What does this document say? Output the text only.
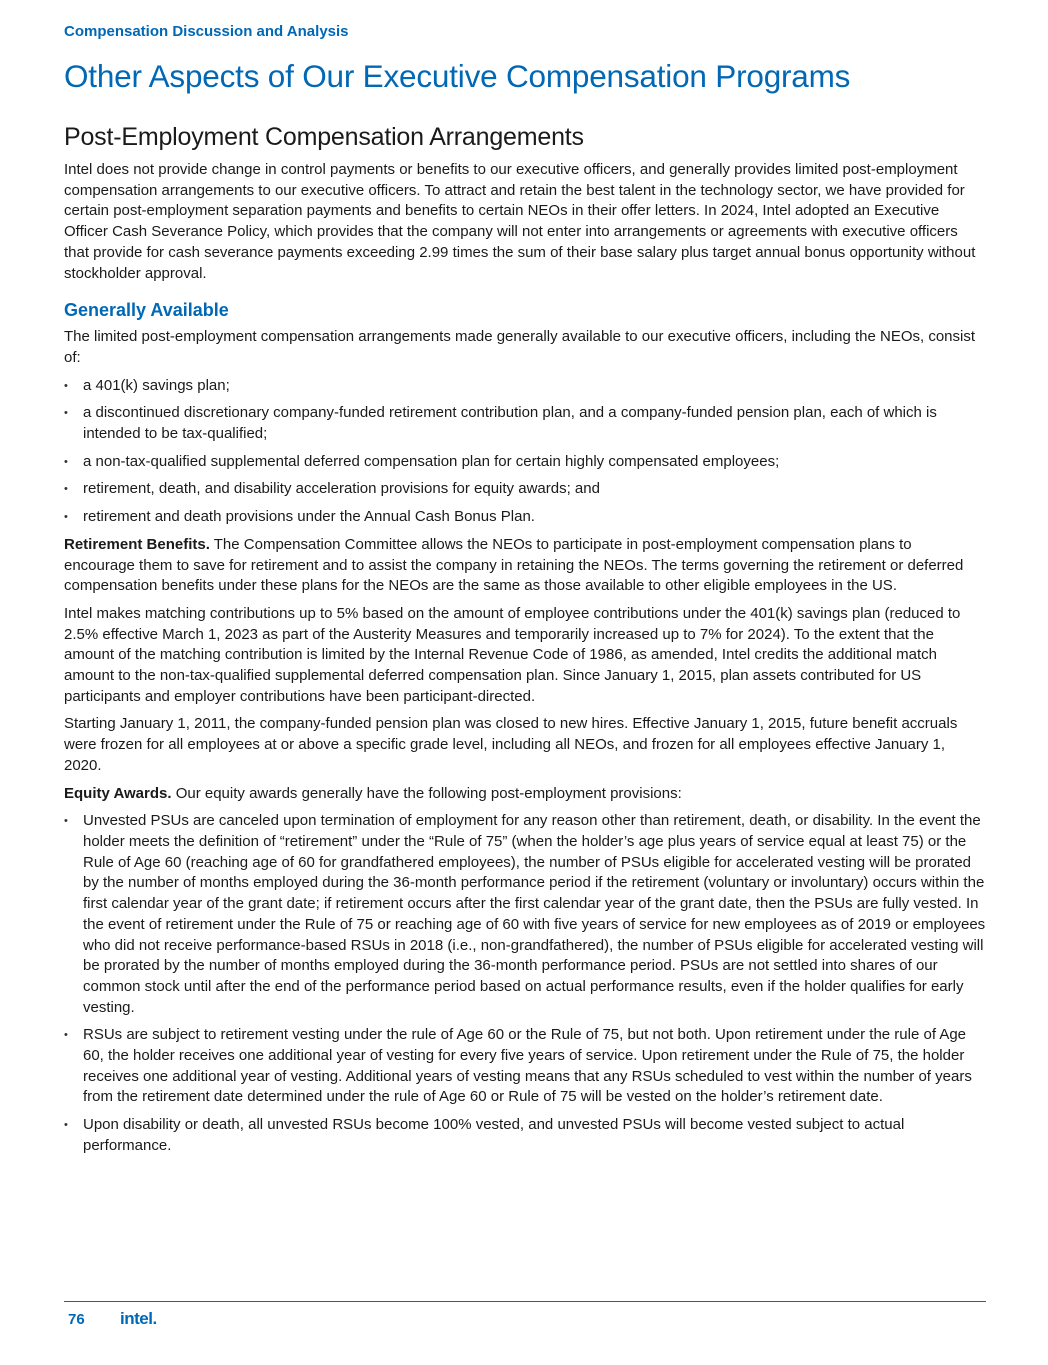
Compensation Discussion and Analysis
Other Aspects of Our Executive Compensation Programs
Post-Employment Compensation Arrangements

Intel does not provide change in control payments or benefits to our executive officers, and generally provides limited post-employment compensation arrangements to our executive officers. To attract and retain the best talent in the technology sector, we have provided for certain post-employment separation payments and benefits to certain NEOs in their offer letters. In 2024, Intel adopted an Executive Officer Cash Severance Policy, which provides that the company will not enter into arrangements or agreements with executive officers that provide for cash severance payments exceeding 2.99 times the sum of their base salary plus target annual bonus opportunity without stockholder approval.

Generally Available

The limited post-employment compensation arrangements made generally available to our executive officers, including the NEOs, consist of:

• a 401(k) savings plan;
• a discontinued discretionary company-funded retirement contribution plan, and a company-funded pension plan, each of which is intended to be tax-qualified;
• a non-tax-qualified supplemental deferred compensation plan for certain highly compensated employees;
• retirement, death, and disability acceleration provisions for equity awards; and
• retirement and death provisions under the Annual Cash Bonus Plan.

Retirement Benefits. The Compensation Committee allows the NEOs to participate in post-employment compensation plans to encourage them to save for retirement and to assist the company in retaining the NEOs. The terms governing the retirement or deferred compensation benefits under these plans for the NEOs are the same as those available to other eligible employees in the US.

Intel makes matching contributions up to 5% based on the amount of employee contributions under the 401(k) savings plan (reduced to 2.5% effective March 1, 2023 as part of the Austerity Measures and temporarily increased up to 7% for 2024). To the extent that the amount of the matching contribution is limited by the Internal Revenue Code of 1986, as amended, Intel credits the additional match amount to the non-tax-qualified supplemental deferred compensation plan. Since January 1, 2015, plan assets contributed for US participants and employer contributions have been participant-directed.

Starting January 1, 2011, the company-funded pension plan was closed to new hires. Effective January 1, 2015, future benefit accruals were frozen for all employees at or above a specific grade level, including all NEOs, and frozen for all employees effective January 1, 2020.

Equity Awards. Our equity awards generally have the following post-employment provisions:

• Unvested PSUs are canceled upon termination of employment for any reason other than retirement, death, or disability. In the event the holder meets the definition of “retirement” under the “Rule of 75” (when the holder’s age plus years of service equal at least 75) or the Rule of Age 60 (reaching age of 60 for grandfathered employees), the number of PSUs eligible for accelerated vesting will be prorated by the number of months employed during the 36-month performance period if the retirement (voluntary or involuntary) occurs within the first calendar year of the grant date; if retirement occurs after the first calendar year of the grant date, then the PSUs are fully vested. In the event of retirement under the Rule of 75 or reaching age of 60 with five years of service for new employees as of 2019 or employees who did not receive performance-based RSUs in 2018 (i.e., non-grandfathered), the number of PSUs eligible for accelerated vesting will be prorated by the number of months employed during the 36-month performance period. PSUs are not settled into shares of our common stock until after the end of the performance period based on actual performance results, even if the holder qualifies for early vesting.
• RSUs are subject to retirement vesting under the rule of Age 60 or the Rule of 75, but not both. Upon retirement under the rule of Age 60, the holder receives one additional year of vesting for every five years of service. Upon retirement under the Rule of 75, the holder receives one additional year of vesting. Additional years of vesting means that any RSUs scheduled to vest within the number of years from the retirement date determined under the rule of Age 60 or Rule of 75 will be vested on the holder’s retirement date.
• Upon disability or death, all unvested RSUs become 100% vested, and unvested PSUs will become vested subject to actual performance.
76 intel.
